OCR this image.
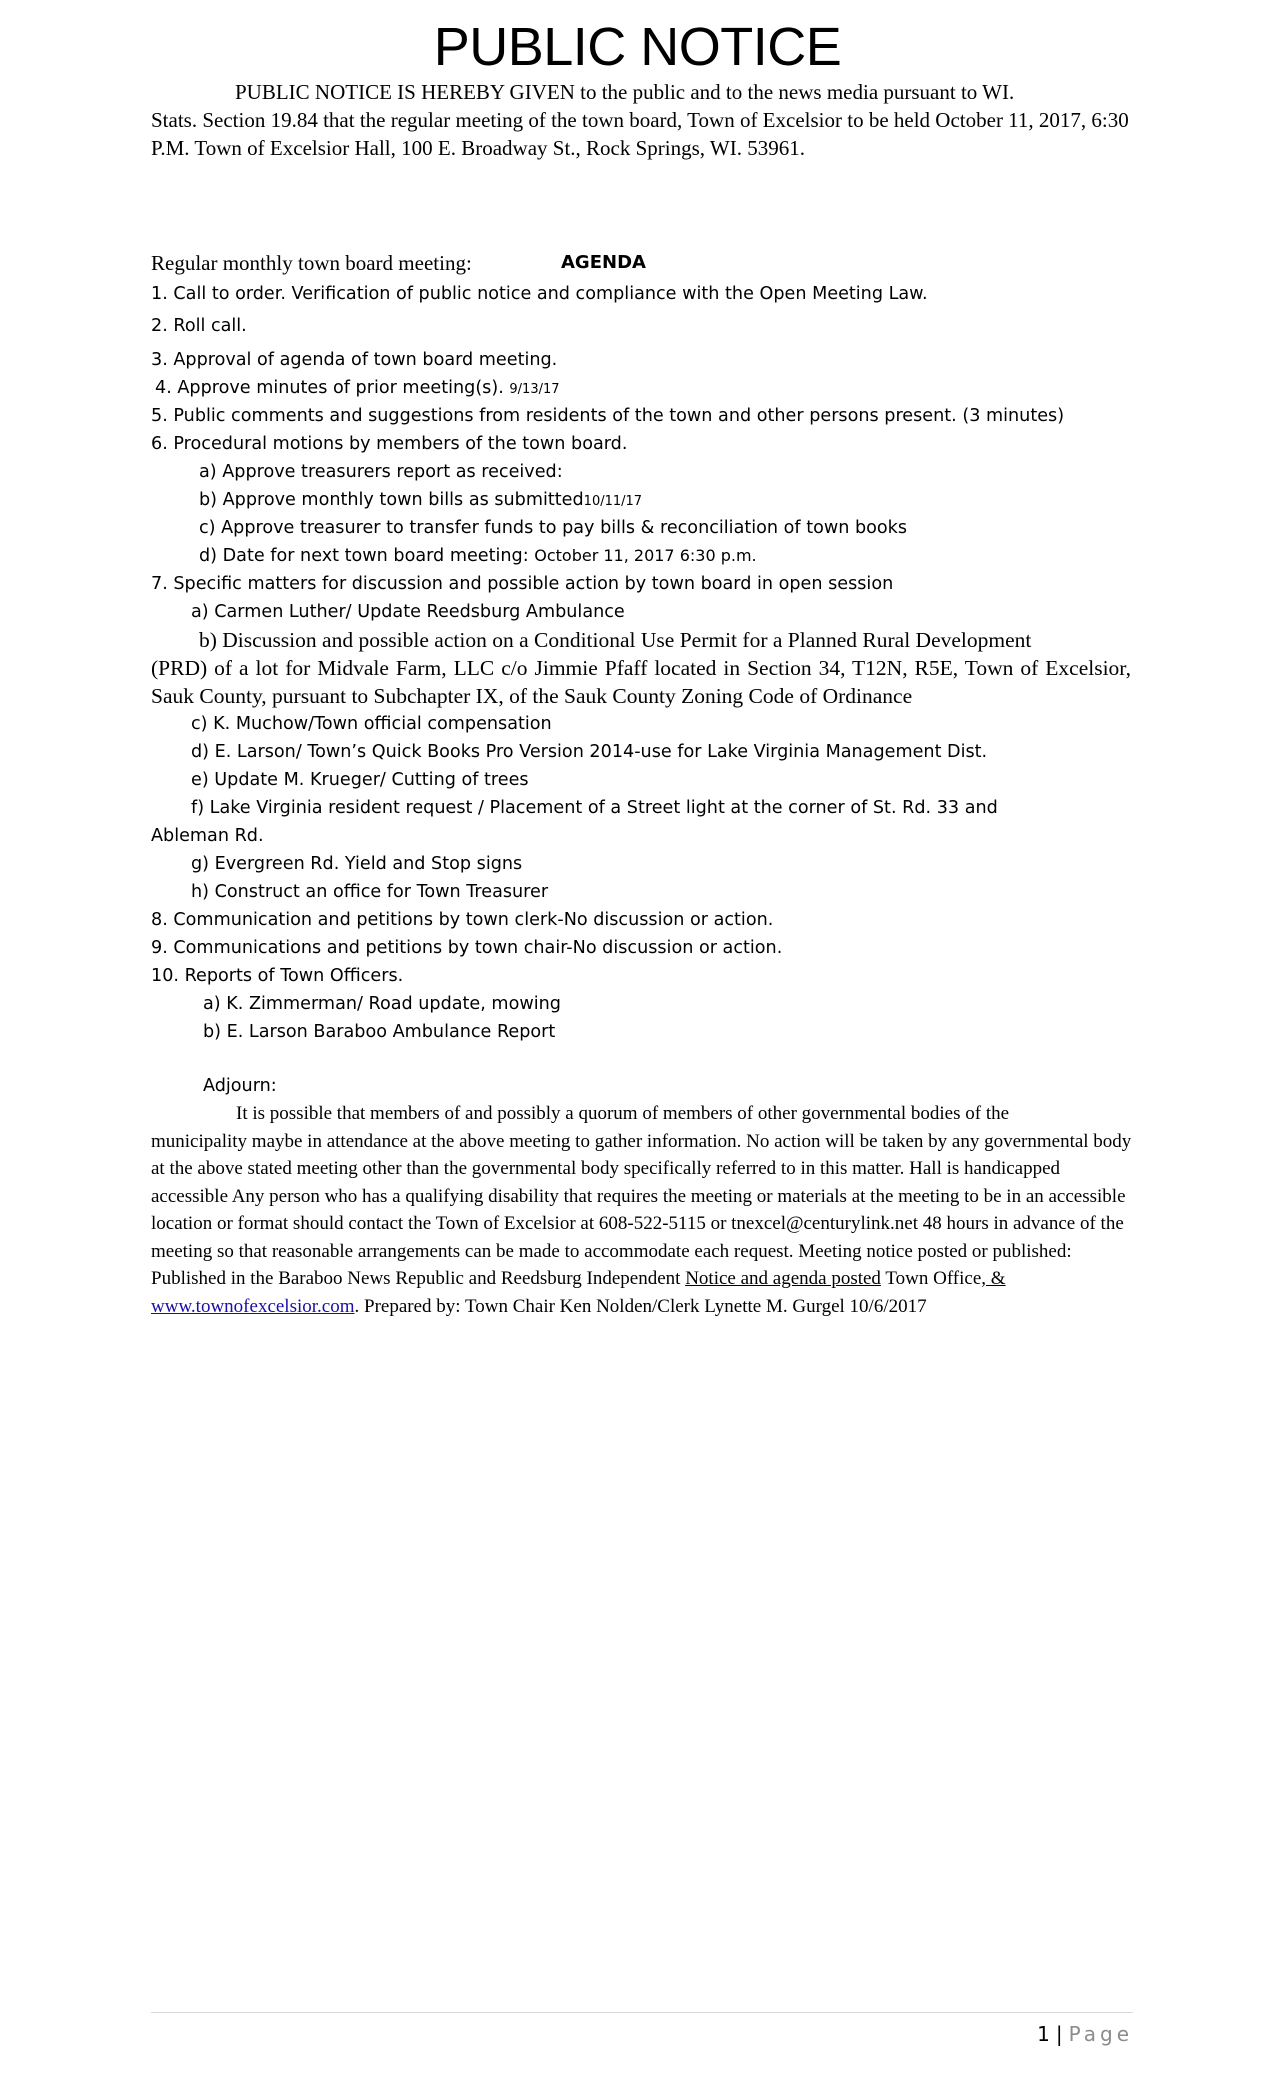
PUBLIC NOTICE
PUBLIC NOTICE IS HEREBY GIVEN to the public and to the news media pursuant to WI.
Stats. Section 19.84 that the regular meeting of the town board, Town of Excelsior to be held October 11, 2017, 6:30 P.M. Town of Excelsior Hall, 100 E. Broadway St., Rock Springs, WI. 53961.
Regular monthly town board meeting:	AGENDA
1. Call to order. Verification of public notice and compliance with the Open Meeting Law.
2. Roll call.
3. Approval of agenda of town board meeting.
4. Approve minutes of prior meeting(s). 9/13/17
5. Public comments and suggestions from residents of the town and other persons present. (3 minutes)
6. Procedural motions by members of the town board.
a) Approve treasurers report as received:
b) Approve monthly town bills as submitted10/11/17
c) Approve treasurer to transfer funds to pay bills & reconciliation of town books
d) Date for next town board meeting: October 11, 2017 6:30 p.m.
7. Specific matters for discussion and possible action by town board in open session
a) Carmen Luther/ Update Reedsburg Ambulance
b) Discussion and possible action on a Conditional Use Permit for a Planned Rural Development
(PRD) of a lot for Midvale Farm, LLC c/o Jimmie Pfaff located in Section 34, T12N, R5E, Town of Excelsior, Sauk County, pursuant to Subchapter IX, of the Sauk County Zoning Code of Ordinance
c) K. Muchow/Town official compensation
d) E. Larson/ Town’s Quick Books Pro Version 2014-use for Lake Virginia Management Dist.
e) Update M. Krueger/ Cutting of trees
f) Lake Virginia resident request / Placement of a Street light at the corner of St. Rd. 33 and
Ableman Rd.
g) Evergreen Rd. Yield and Stop signs
h) Construct an office for Town Treasurer
8. Communication and petitions by town clerk-No discussion or action.
9. Communications and petitions by town chair-No discussion or action.
10. Reports of Town Officers.
a) K. Zimmerman/ Road update, mowing
b) E. Larson Baraboo Ambulance Report
Adjourn:
It is possible that members of and possibly a quorum of members of other governmental bodies of the
municipality maybe in attendance at the above meeting to gather information. No action will be taken by any governmental body at the above stated meeting other than the governmental body specifically referred to in this matter. Hall is handicapped accessible Any person who has a qualifying disability that requires the meeting or materials at the meeting to be in an accessible location or format should contact the Town of Excelsior at 608-522-5115 or tnexcel@centurylink.net 48 hours in advance of the meeting so that reasonable arrangements can be made to accommodate each request. Meeting notice posted or published: Published in the Baraboo News Republic and Reedsburg Independent Notice and agenda posted Town Office, & www.townofexcelsior.com. Prepared by: Town Chair Ken Nolden/Clerk Lynette M. Gurgel 10/6/2017
1 | Page
